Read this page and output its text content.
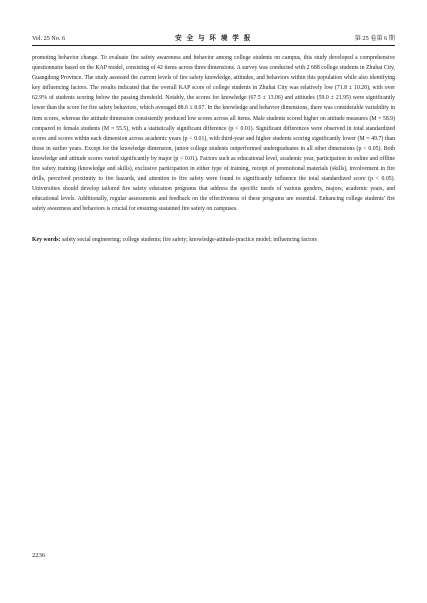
Vol. 25 No. 6	安 全 与 环 境 学 报	第 25 卷第 6 期

promoting behavior change. To evaluate fire safety awareness and behavior among college students on campus, this study developed a comprehensive questionnaire based on the KAP model, consisting of 42 items across three dimensions. A survey was conducted with 2 688 college students in Zhuhai City, Guangdong Province. The study assessed the current levels of fire safety knowledge, attitudes, and behaviors within this population while also identifying key influencing factors. The results indicated that the overall KAP score of college students in Zhuhai City was relatively low (71.8 ± 10.20), with over 62.9% of students scoring below the passing threshold. Notably, the scores for knowledge (67.5 ± 13.06) and attitudes (59.0 ± 21.95) were significantly lower than the score for fire safety behaviors, which averaged 88.6 ± 8.07. In the knowledge and behavior dimensions, there was considerable variability in item scores, whereas the attitude dimension consistently produced low scores across all items. Male students scored higher on attitude measures (M = 58.9) compared to female students (M = 55.5), with a statistically significant difference (p < 0.01). Significant differences were observed in total standardized scores and scores within each dimension across academic years (p < 0.01), with third-year and higher students scoring significantly lower (M = 49.7) than those in earlier years. Except for the knowledge dimension, junior college students outperformed undergraduates in all other dimensions (p < 0.05). Both knowledge and attitude scores varied significantly by major (p < 0.01). Factors such as educational level, academic year, participation in online and offline fire safety training (knowledge and skills), exclusive participation in either type of training, receipt of promotional materials (skills), involvement in fire drills, perceived proximity to fire hazards, and attention to fire safety were found to significantly influence the total standardized score (p < 0.05). Universities should develop tailored fire safety education programs that address the specific needs of various genders, majors, academic years, and educational levels. Additionally, regular assessments and feedback on the effectiveness of these programs are essential. Enhancing college students' fire safety awareness and behaviors is crucial for ensuring sustained fire safety on campuses.

Key words: safety social engineering; college students; fire safety; knowledge-attitude-practice model; influencing factors

2236
